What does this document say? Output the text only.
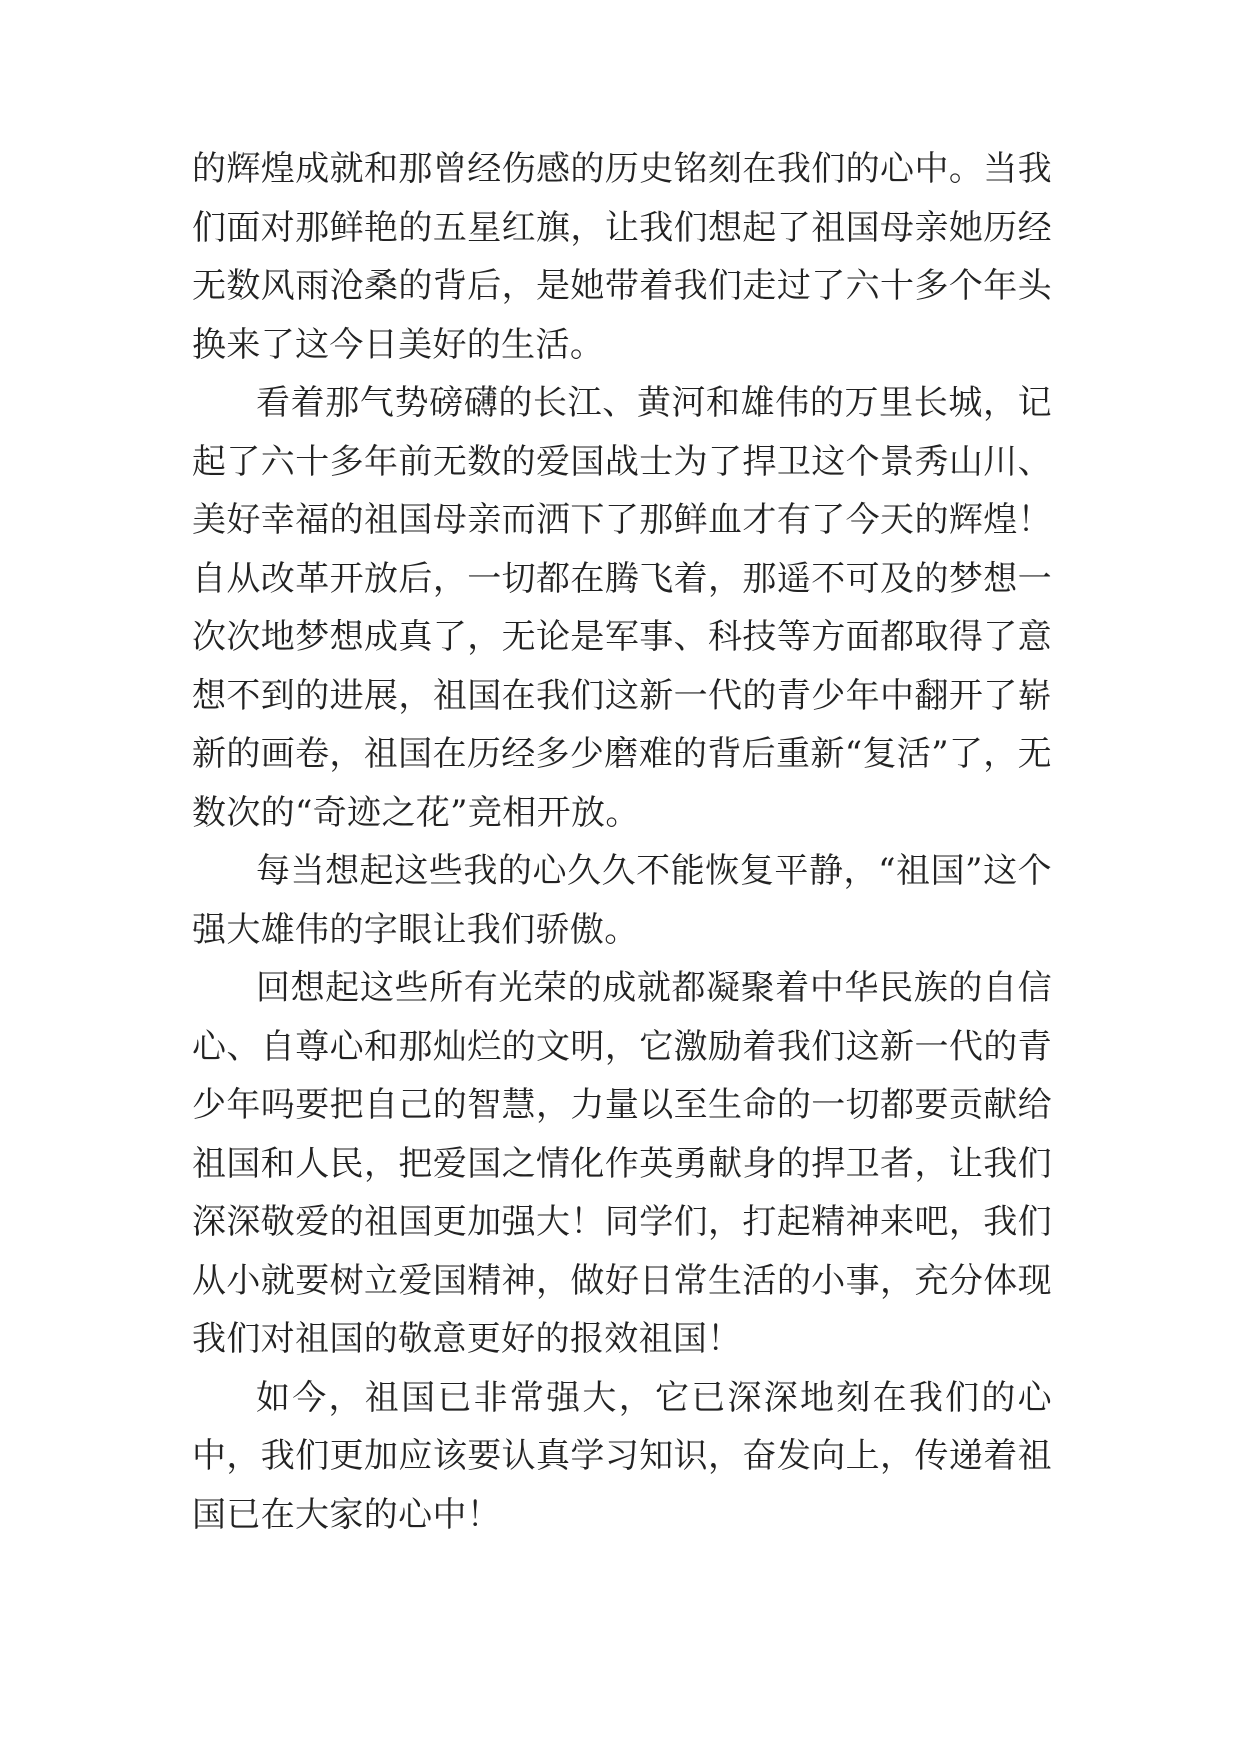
的辉煌成就和那曾经伤感的历史铭刻在我们的心中。当我们面对那鲜艳的五星红旗，让我们想起了祖国母亲她历经无数风雨沧桑的背后，是她带着我们走过了六十多个年头换来了这今日美好的生活。

看着那气势磅礴的长江、黄河和雄伟的万里长城，记起了六十多年前无数的爱国战士为了捍卫这个景秀山川、美好幸福的祖国母亲而洒下了那鲜血才有了今天的辉煌！自从改革开放后，一切都在腾飞着，那遥不可及的梦想一次次地梦想成真了，无论是军事、科技等方面都取得了意想不到的进展，祖国在我们这新一代的青少年中翻开了崭新的画卷，祖国在历经多少磨难的背后重新“复活”了，无数次的“奇迹之花”竞相开放。

每当想起这些我的心久久不能恢复平静，“祖国”这个强大雄伟的字眼让我们骄傲。

回想起这些所有光荣的成就都凝聚着中华民族的自信心、自尊心和那灿烂的文明，它激励着我们这新一代的青少年吗要把自己的智慧，力量以至生命的一切都要贡献给祖国和人民，把爱国之情化作英勇献身的捍卫者，让我们深深敬爱的祖国更加强大！同学们，打起精神来吧，我们从小就要树立爱国精神，做好日常生活的小事，充分体现我们对祖国的敬意更好的报效祖国！

如今，祖国已非常强大，它已深深地刻在我们的心中，我们更加应该要认真学习知识，奋发向上，传递着祖国已在大家的心中！
